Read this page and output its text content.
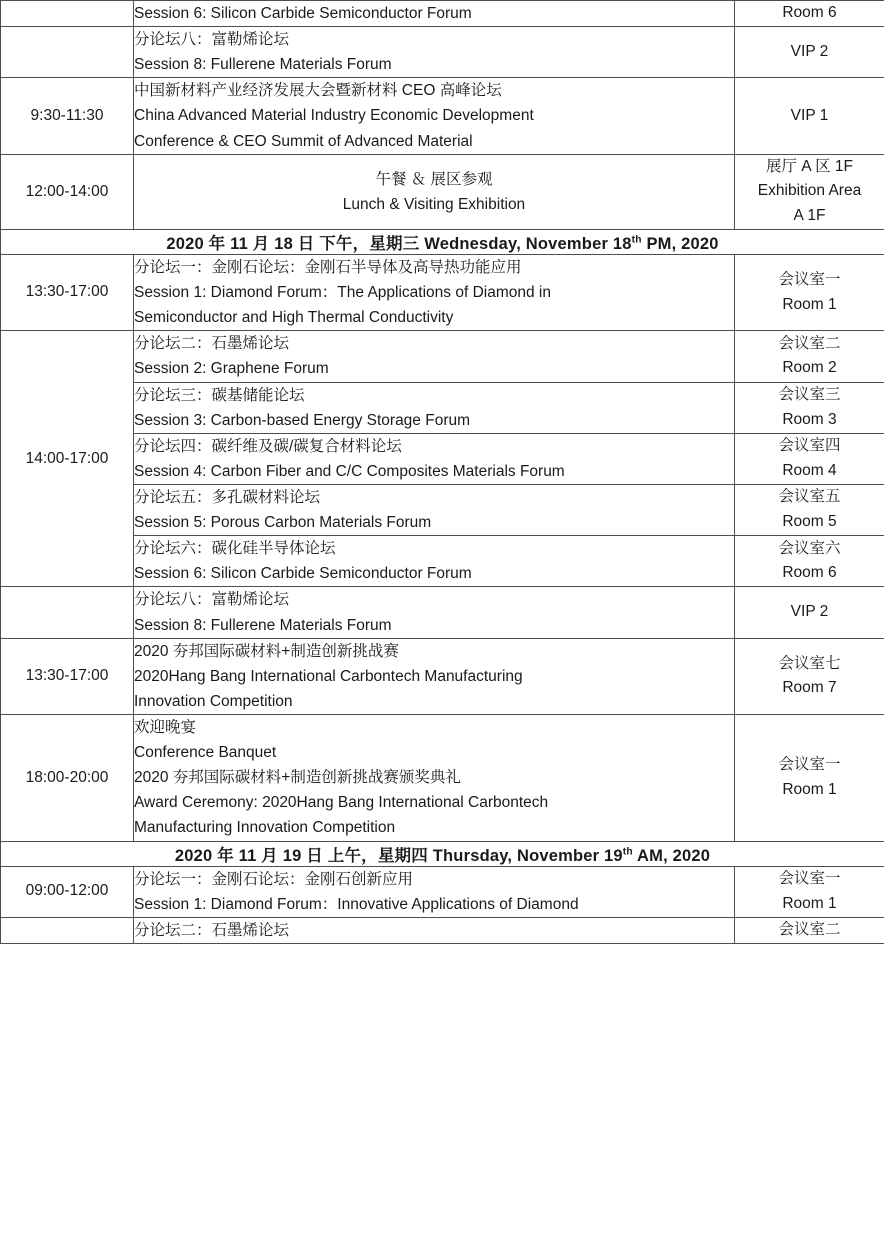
	Session 6: Silicon Carbide Semiconductor Forum	Room 6

	分论坛八：富勒烯论坛
Session 8: Fullerene Materials Forum	VIP 2

9:30-11:30	中国新材料产业经济发展大会暨新材料 CEO 高峰论坛
China Advanced Material Industry Economic Development
Conference & CEO Summit of Advanced Material	VIP 1

12:00-14:00	午餐 ＆ 展区参观
Lunch & Visiting Exhibition	展厅 A 区 1F
Exhibition Area
A 1F

2020 年 11 月 18 日 下午，星期三 Wednesday, November 18th PM, 2020		
13:30-17:00	分论坛一：金刚石论坛：金刚石半导体及高导热功能应用
Session 1: Diamond Forum：The Applications of Diamond in
Semiconductor and High Thermal Conductivity	会议室一
Room 1

14:00-17:00	分论坛二：石墨烯论坛
Session 2: Graphene Forum	会议室二
Room 2

	分论坛三：碳基储能论坛
Session 3: Carbon-based Energy Storage Forum	会议室三
Room 3

	分论坛四：碳纤维及碳/碳复合材料论坛
Session 4: Carbon Fiber and C/C Composites Materials Forum	会议室四
Room 4

	分论坛五：多孔碳材料论坛
Session 5: Porous Carbon Materials Forum	会议室五
Room 5

	分论坛六：碳化硅半导体论坛
Session 6: Silicon Carbide Semiconductor Forum	会议室六
Room 6

	分论坛八：富勒烯论坛
Session 8: Fullerene Materials Forum	VIP 2

13:30-17:00	2020 夯邦国际碳材料+制造创新挑战赛
2020Hang Bang International Carbontech Manufacturing
Innovation Competition	会议室七
Room 7

18:00-20:00	欢迎晚宴
Conference Banquet
2020 夯邦国际碳材料+制造创新挑战赛颁奖典礼
Award Ceremony: 2020Hang Bang International Carbontech
Manufacturing Innovation Competition	会议室一
Room 1

2020 年 11 月 19 日 上午，星期四 Thursday, November 19th AM, 2020		
09:00-12:00	分论坛一：金刚石论坛：金刚石创新应用
Session 1: Diamond Forum：Innovative Applications of Diamond	会议室一
Room 1

	分论坛二：石墨烯论坛	会议室二
